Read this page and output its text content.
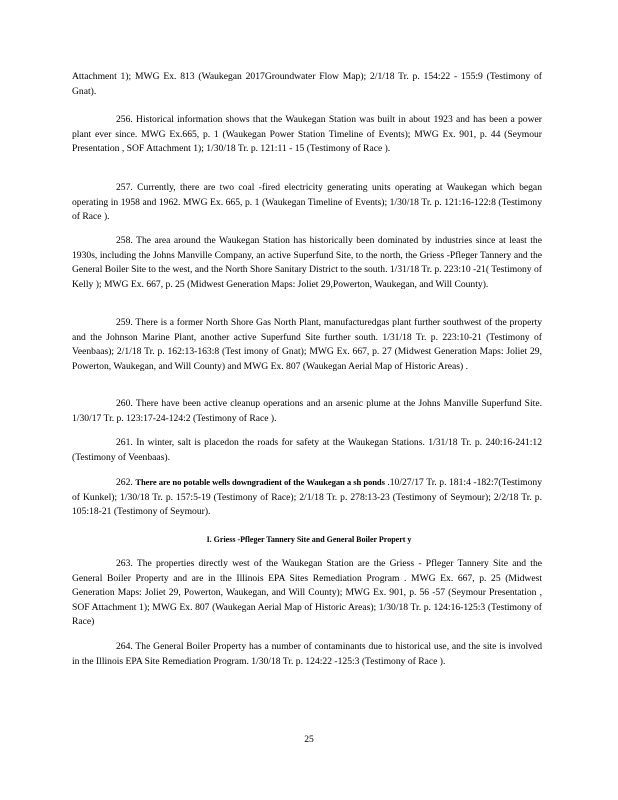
Attachment 1); MWG Ex. 813 (Waukegan 2017Groundwater Flow Map); 2/1/18 Tr. p. 154:22 - 155:9 (Testimony of Gnat).

256. Historical information shows that the Waukegan Station was built in about 1923 and has been a power plant ever since. MWG Ex.665, p. 1 (Waukegan Power Station Timeline of Events); MWG Ex. 901, p. 44 (Seymour Presentation , SOF Attachment 1); 1/30/18 Tr. p. 121:11 - 15 (Testimony of Race ).

257. Currently, there are two coal -fired electricity generating units operating at Waukegan which began operating in 1958 and 1962. MWG Ex. 665, p. 1 (Waukegan Timeline of Events); 1/30/18 Tr. p. 121:16-122:8 (Testimony of Race ).

258. The area around the Waukegan Station has historically been dominated by industries since at least the 1930s, including the Johns Manville Company, an active Superfund Site, to the north, the Griess -Pfleger Tannery and the General Boiler Site to the west, and the North Shore Sanitary District to the south. 1/31/18 Tr. p. 223:10 -21( Testimony of Kelly ); MWG Ex. 667, p. 25 (Midwest Generation Maps: Joliet 29,Powerton, Waukegan, and Will County).

259. There is a former North Shore Gas North Plant, manufacturedgas plant further southwest of the property and the Johnson Marine Plant, another active Superfund Site further south. 1/31/18 Tr. p. 223:10-21 (Testimony of Veenbaas); 2/1/18 Tr. p. 162:13-163:8 (Test imony of Gnat); MWG Ex. 667, p. 27 (Midwest Generation Maps: Joliet 29, Powerton, Waukegan, and Will County) and MWG Ex. 807 (Waukegan Aerial Map of Historic Areas) .

260. There have been active cleanup operations and an arsenic plume at the Johns Manville Superfund Site. 1/30/17 Tr. p. 123:17-24-124:2 (Testimony of Race ).

261. In winter, salt is placedon the roads for safety at the Waukegan Stations. 1/31/18 Tr. p. 240:16-241:12 (Testimony of Veenbaas).

262. There are no potable wells downgradient of the Waukegan a sh ponds .10/27/17 Tr. p. 181:4 -182:7(Testimony of Kunkel); 1/30/18 Tr. p. 157:5-19 (Testimony of Race); 2/1/18 Tr. p. 278:13-23 (Testimony of Seymour); 2/2/18 Tr. p. 105:18-21 (Testimony of Seymour).

I. Griess -Pfleger Tannery Site and General Boiler Propert y

263. The properties directly west of the Waukegan Station are the Griess - Pfleger Tannery Site and the General Boiler Property and are in the Illinois EPA Sites Remediation Program . MWG Ex. 667, p. 25 (Midwest Generation Maps: Joliet 29, Powerton, Waukegan, and Will County); MWG Ex. 901, p. 56 -57 (Seymour Presentation , SOF Attachment 1); MWG Ex. 807 (Waukegan Aerial Map of Historic Areas); 1/30/18 Tr. p. 124:16-125:3 (Testimony of Race)

264. The General Boiler Property has a number of contaminants due to historical use, and the site is involved in the Illinois EPA Site Remediation Program. 1/30/18 Tr. p. 124:22 -125:3 (Testimony of Race ).

25
